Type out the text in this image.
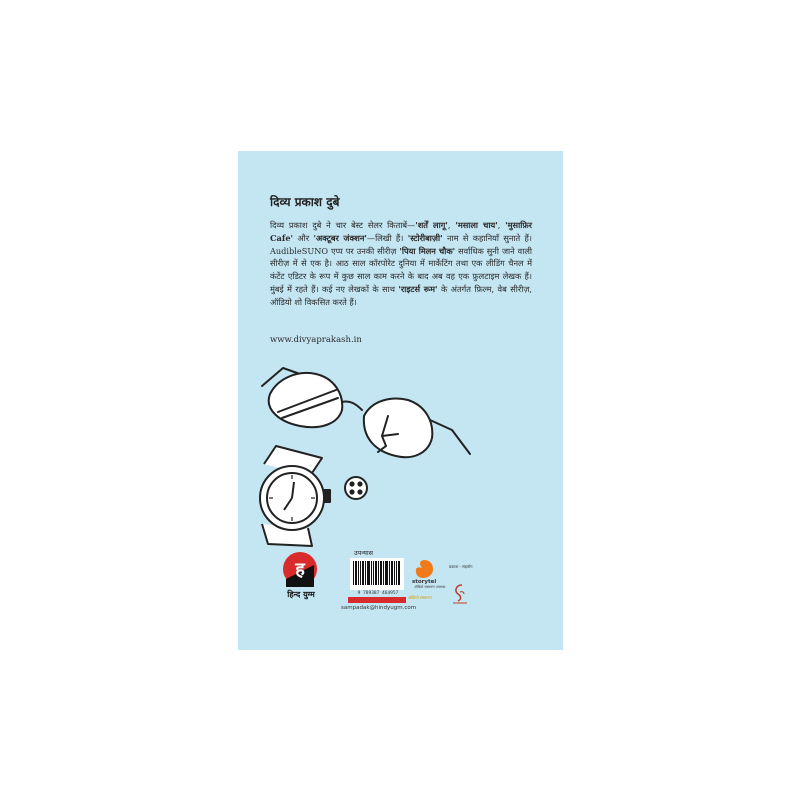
दिव्य प्रकाश दुबे

दिव्य प्रकाश दुबे ने चार बेस्ट सेलर किताबें—'शर्तें लागू', 'मसाला चाय', 'मुसाफ़िर Cafe' और 'अक्टूबर जंक्शन'—लिखी हैं। 'स्टोरीबाज़ी' नाम से कहानियाँ सुनाते हैं। AudibleSUNO एप्प पर उनकी सीरीज़ 'पिया मिलन चौक' सर्वाधिक सुनी जाने वाली सीरीज़ में से एक है। आठ साल कॉरपोरेट दुनिया में मार्केटिंग तथा एक लीडिंग चैनल में कंटेंट एडिटर के रूप में कुछ साल काम करने के बाद अब वह एक फ़ुलटाइम लेखक हैं। मुंबई में रहते हैं। कई नए लेखकों के साथ 'राइटर्स रूम' के अंतर्गत फ़िल्म, वेब सीरीज़, ऑडियो शो विकसित करते हैं।

www.divyaprakash.in
ह
हिन्द युग्म
उपन्यास
9 789387 464957
sampadak@hindyugm.com
storytel
ऑडियो संस्करण उपलब्ध
ऑडियो संस्करण
प्रकाश - सहयोग
